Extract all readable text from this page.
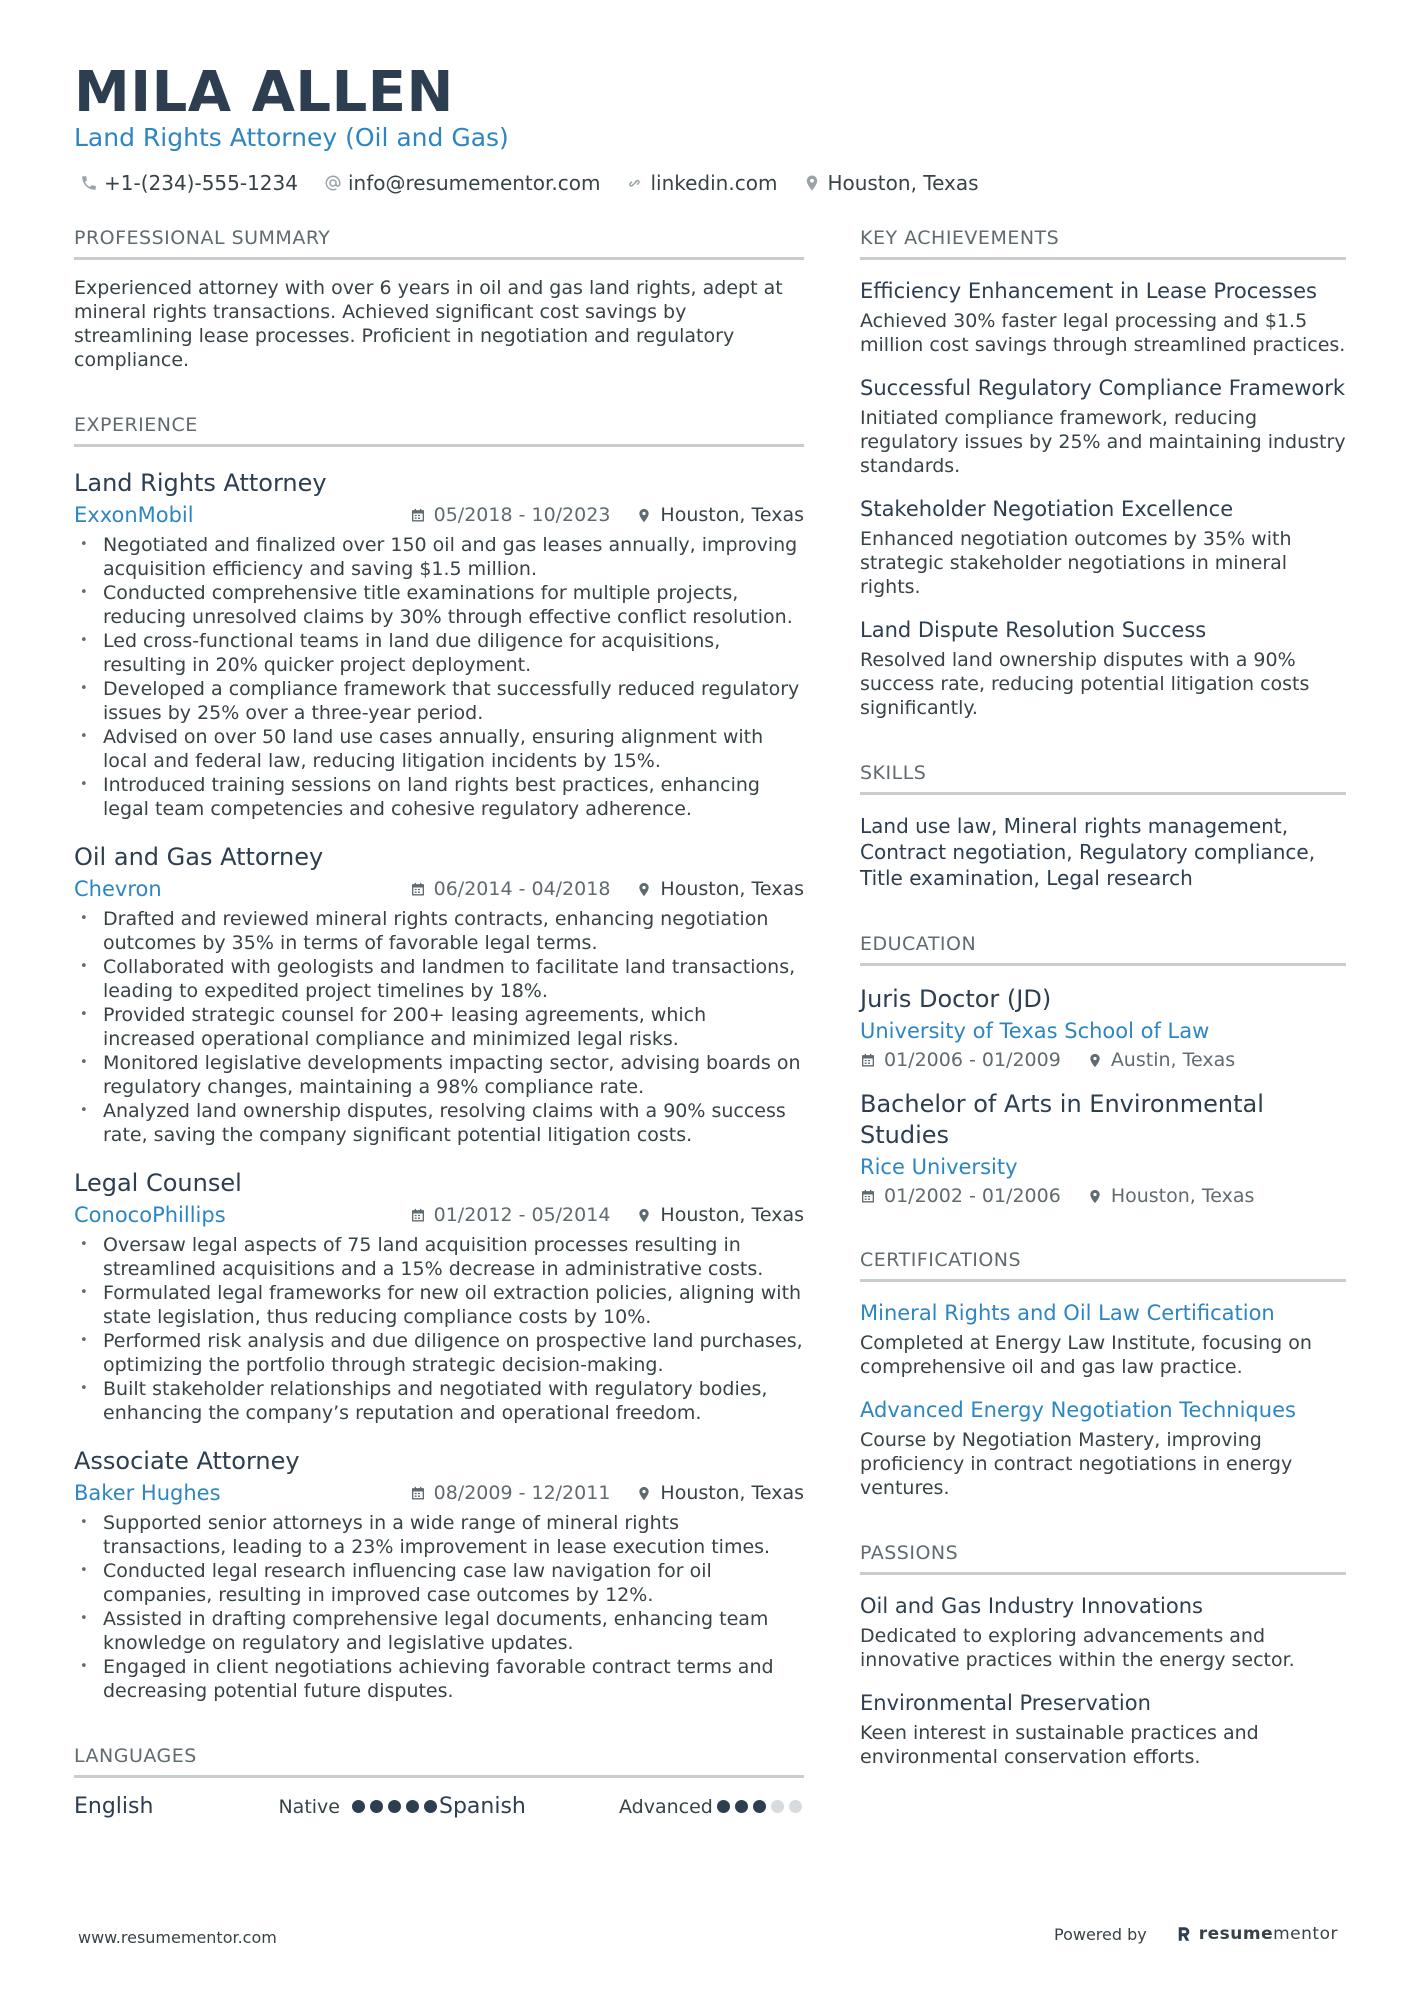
MILA ALLEN
Land Rights Attorney (Oil and Gas)
+1-(234)-555-1234	info@resumementor.com	linkedin.com	Houston, Texas
PROFESSIONAL SUMMARY
Experienced attorney with over 6 years in oil and gas land rights, adept at mineral rights transactions. Achieved significant cost savings by streamlining lease processes. Proficient in negotiation and regulatory compliance.
EXPERIENCE
Land Rights Attorney
ExxonMobil	05/2018 - 10/2023	Houston, Texas
• Negotiated and finalized over 150 oil and gas leases annually, improving acquisition efficiency and saving $1.5 million.
• Conducted comprehensive title examinations for multiple projects, reducing unresolved claims by 30% through effective conflict resolution.
• Led cross-functional teams in land due diligence for acquisitions, resulting in 20% quicker project deployment.
• Developed a compliance framework that successfully reduced regulatory issues by 25% over a three-year period.
• Advised on over 50 land use cases annually, ensuring alignment with local and federal law, reducing litigation incidents by 15%.
• Introduced training sessions on land rights best practices, enhancing legal team competencies and cohesive regulatory adherence.
Oil and Gas Attorney
Chevron	06/2014 - 04/2018	Houston, Texas
• Drafted and reviewed mineral rights contracts, enhancing negotiation outcomes by 35% in terms of favorable legal terms.
• Collaborated with geologists and landmen to facilitate land transactions, leading to expedited project timelines by 18%.
• Provided strategic counsel for 200+ leasing agreements, which increased operational compliance and minimized legal risks.
• Monitored legislative developments impacting sector, advising boards on regulatory changes, maintaining a 98% compliance rate.
• Analyzed land ownership disputes, resolving claims with a 90% success rate, saving the company significant potential litigation costs.
Legal Counsel
ConocoPhillips	01/2012 - 05/2014	Houston, Texas
• Oversaw legal aspects of 75 land acquisition processes resulting in streamlined acquisitions and a 15% decrease in administrative costs.
• Formulated legal frameworks for new oil extraction policies, aligning with state legislation, thus reducing compliance costs by 10%.
• Performed risk analysis and due diligence on prospective land purchases, optimizing the portfolio through strategic decision-making.
• Built stakeholder relationships and negotiated with regulatory bodies, enhancing the company’s reputation and operational freedom.
Associate Attorney
Baker Hughes	08/2009 - 12/2011	Houston, Texas
• Supported senior attorneys in a wide range of mineral rights transactions, leading to a 23% improvement in lease execution times.
• Conducted legal research influencing case law navigation for oil companies, resulting in improved case outcomes by 12%.
• Assisted in drafting comprehensive legal documents, enhancing team knowledge on regulatory and legislative updates.
• Engaged in client negotiations achieving favorable contract terms and decreasing potential future disputes.
LANGUAGES
English	Native	Spanish	Advanced
KEY ACHIEVEMENTS
Efficiency Enhancement in Lease Processes
Achieved 30% faster legal processing and $1.5 million cost savings through streamlined practices.
Successful Regulatory Compliance Framework
Initiated compliance framework, reducing regulatory issues by 25% and maintaining industry standards.
Stakeholder Negotiation Excellence
Enhanced negotiation outcomes by 35% with strategic stakeholder negotiations in mineral rights.
Land Dispute Resolution Success
Resolved land ownership disputes with a 90% success rate, reducing potential litigation costs significantly.
SKILLS
Land use law, Mineral rights management, Contract negotiation, Regulatory compliance, Title examination, Legal research
EDUCATION
Juris Doctor (JD)
University of Texas School of Law
01/2006 - 01/2009	Austin, Texas
Bachelor of Arts in Environmental Studies
Rice University
01/2002 - 01/2006	Houston, Texas
CERTIFICATIONS
Mineral Rights and Oil Law Certification
Completed at Energy Law Institute, focusing on comprehensive oil and gas law practice.
Advanced Energy Negotiation Techniques
Course by Negotiation Mastery, improving proficiency in contract negotiations in energy ventures.
PASSIONS
Oil and Gas Industry Innovations
Dedicated to exploring advancements and innovative practices within the energy sector.
Environmental Preservation
Keen interest in sustainable practices and environmental conservation efforts.
www.resumementor.com	Powered by	resumementor
